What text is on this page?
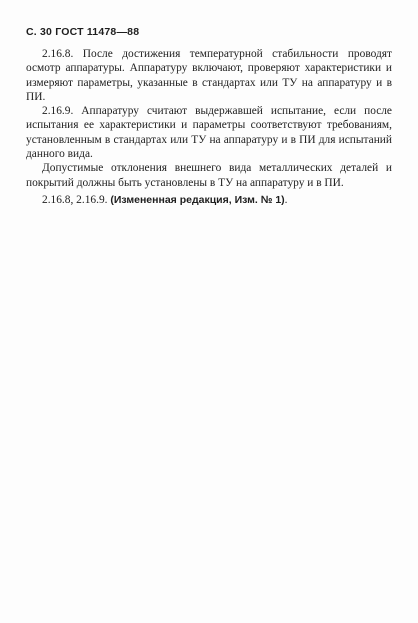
С. 30 ГОСТ 11478—88

2.16.8. После достижения температурной стабильности проводят осмотр аппаратуры. Аппаратуру включают, проверяют характеристики и измеряют параметры, указанные в стандартах или ТУ на аппаратуру и в ПИ.

2.16.9. Аппаратуру считают выдержавшей испытание, если после испытания ее характеристики и параметры соответствуют требованиям, установленным в стандартах или ТУ на аппаратуру и в ПИ для испытаний данного вида.

Допустимые отклонения внешнего вида металлических деталей и покрытий должны быть установлены в ТУ на аппаратуру и в ПИ.

2.16.8, 2.16.9. (Измененная редакция, Изм. № 1).
